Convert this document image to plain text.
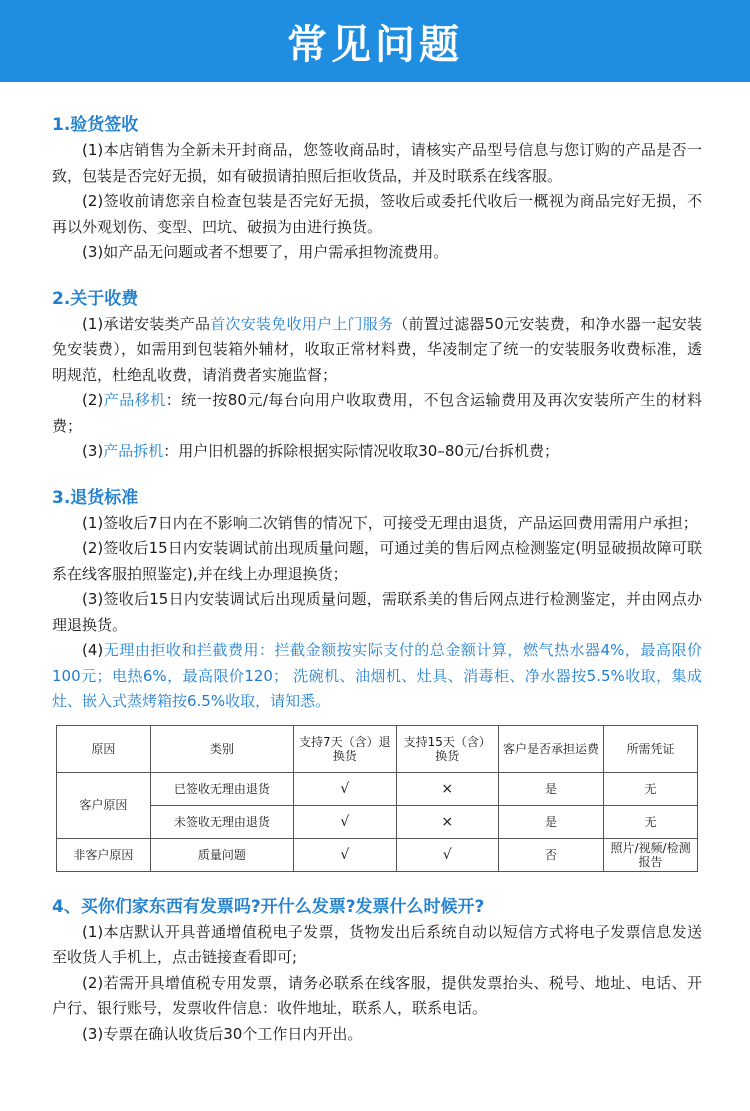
常见问题
1.验货签收

(1)本店销售为全新未开封商品，您签收商品时，请核实产品型号信息与您订购的产品是否一致，包装是否完好无损，如有破损请拍照后拒收货品，并及时联系在线客服。

(2)签收前请您亲自检查包装是否完好无损，签收后或委托代收后一概视为商品完好无损，不再以外观划伤、变型、凹坑、破损为由进行换货。

(3)如产品无问题或者不想要了，用户需承担物流费用。

2.关于收费

(1)承诺安装类产品首次安装免收用户上门服务（前置过滤器50元安装费，和净水器一起安装免安装费），如需用到包装箱外辅材，收取正常材料费，华凌制定了统一的安装服务收费标准，透明规范，杜绝乱收费，请消费者实施监督；

(2)产品移机：统一按80元/每台向用户收取费用，不包含运输费用及再次安装所产生的材料费；

(3)产品拆机：用户旧机器的拆除根据实际情况收取30–80元/台拆机费；

3.退货标准

(1)签收后7日内在不影响二次销售的情况下，可接受无理由退货，产品运回费用需用户承担；

(2)签收后15日内安装调试前出现质量问题，可通过美的售后网点检测鉴定(明显破损故障可联系在线客服拍照鉴定),并在线上办理退换货；

(3)签收后15日内安装调试后出现质量问题，需联系美的售后网点进行检测鉴定，并由网点办理退换货。

(4)无理由拒收和拦截费用：拦截金额按实际支付的总金额计算，燃气热水器4%，最高限价100元；电热6%，最高限价120； 洗碗机、油烟机、灶具、消毒柜、净水器按5.5%收取，集成灶、嵌入式蒸烤箱按6.5%收取，请知悉。

原因	类别	支持7天（含）退换货	支持15天（含）换货	客户是否承担运费	所需凭证
客户原因	已签收无理由退货	√	×	是	无
	未签收无理由退货	√	×	是	无
非客户原因	质量问题	√	√	否	照片/视频/检测报告
4、买你们家东西有发票吗?开什么发票?发票什么时候开?

(1)本店默认开具普通增值税电子发票，货物发出后系统自动以短信方式将电子发票信息发送至收货人手机上，点击链接查看即可;

(2)若需开具增值税专用发票，请务必联系在线客服，提供发票抬头、税号、地址、电话、开户行、银行账号，发票收件信息：收件地址，联系人，联系电话。

(3)专票在确认收货后30个工作日内开出。
